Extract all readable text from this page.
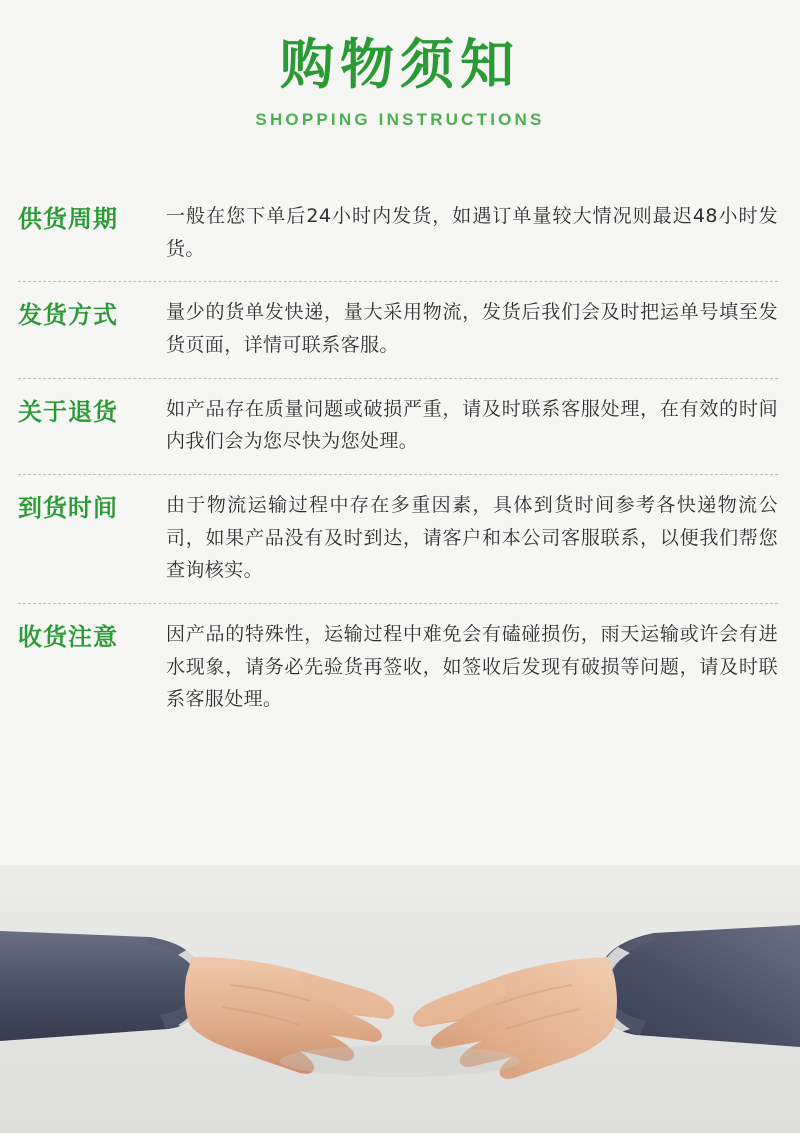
购物须知
SHOPPING INSTRUCTIONS
供货周期	一般在您下单后24小时内发货，如遇订单量较大情况则最迟48小时发货。
发货方式	量少的货单发快递，量大采用物流，发货后我们会及时把运单号填至发货页面，详情可联系客服。
关于退货	如产品存在质量问题或破损严重，请及时联系客服处理，在有效的时间内我们会为您尽快为您处理。
到货时间	由于物流运输过程中存在多重因素，具体到货时间参考各快递物流公司，如果产品没有及时到达，请客户和本公司客服联系，以便我们帮您查询核实。
收货注意	因产品的特殊性，运输过程中难免会有磕碰损伤，雨天运输或许会有进水现象，请务必先验货再签收，如签收后发现有破损等问题，请及时联系客服处理。
